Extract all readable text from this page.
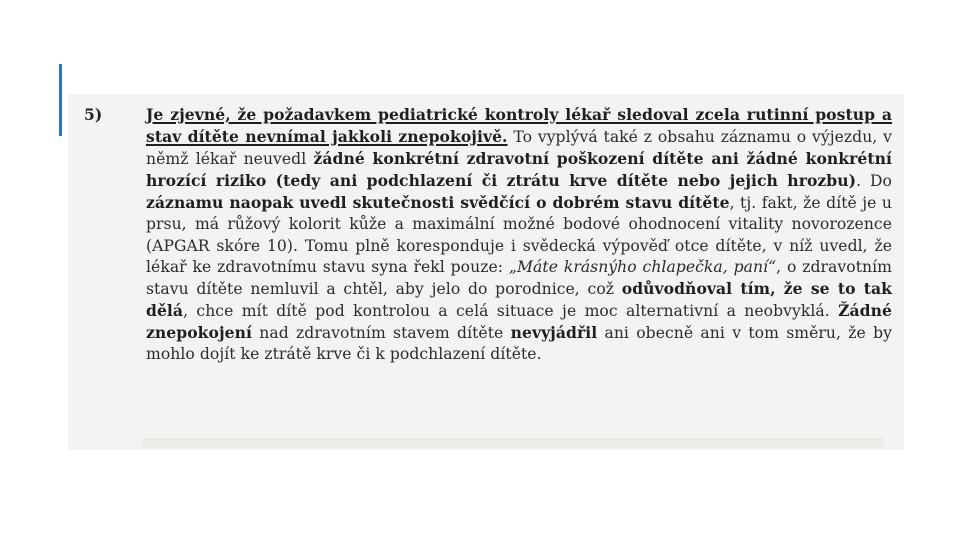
5)	Je zjevné, že požadavkem pediatrické kontroly lékař sledoval zcela rutinní postup a stav dítěte nevnímal jakkoli znepokojivě. To vyplývá také z obsahu záznamu o výjezdu, v němž lékař neuvedl žádné konkrétní zdravotní poškození dítěte ani žádné konkrétní hrozící riziko (tedy ani podchlazení či ztrátu krve dítěte nebo jejich hrozbu). Do záznamu naopak uvedl skutečnosti svědčící o dobrém stavu dítěte, tj. fakt, že dítě je u prsu, má růžový kolorit kůže a maximální možné bodové ohodnocení vitality novorozence (APGAR skóre 10). Tomu plně koresponduje i svědecká výpověď otce dítěte, v níž uvedl, že lékař ke zdravotnímu stavu syna řekl pouze: „Máte krásnýho chlapečka, paní“, o zdravotním stavu dítěte nemluvil a chtěl, aby jelo do porodnice, což odůvodňoval tím, že se to tak dělá, chce mít dítě pod kontrolou a celá situace je moc alternativní a neobvyklá. Žádné znepokojení nad zdravotním stavem dítěte nevyjádřil ani obecně ani v tom směru, že by mohlo dojít ke ztrátě krve či k podchlazení dítěte.
